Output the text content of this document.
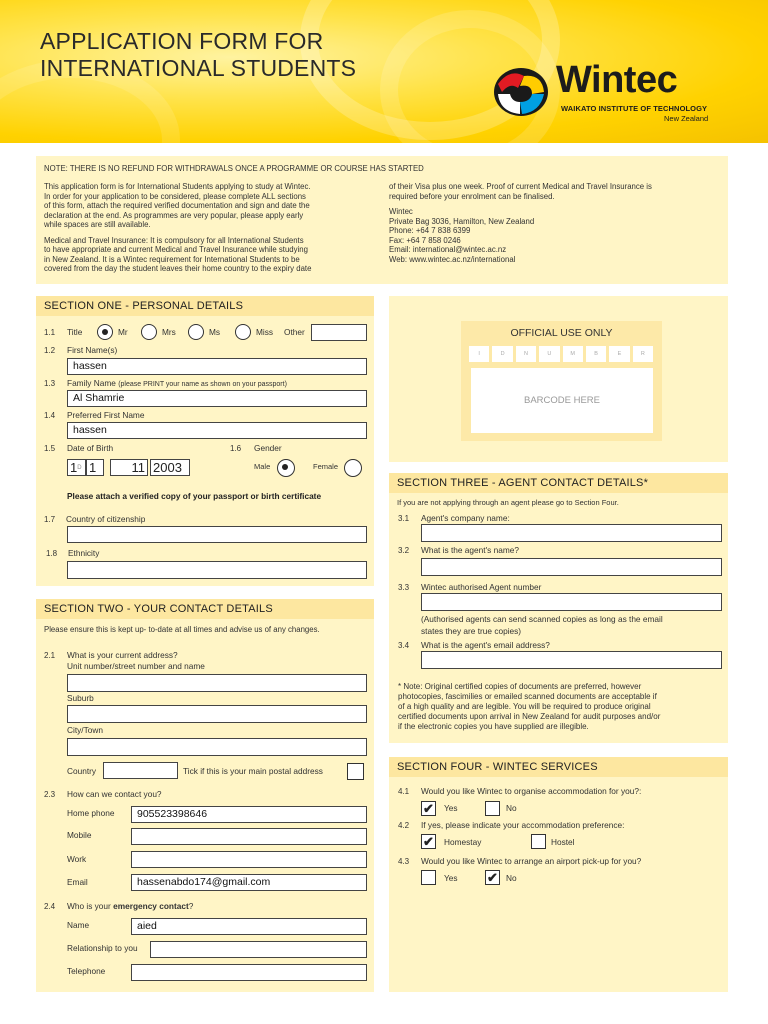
APPLICATION FORM FOR
INTERNATIONAL STUDENTS	Wintec
WAIKATO INSTITUTE OF TECHNOLOGY
New Zealand
NOTE: THERE IS NO REFUND FOR WITHDRAWALS ONCE A PROGRAMME OR COURSE HAS STARTED
This application form is for International Students applying to study at Wintec.
In order for your application to be considered, please complete ALL sections
of this form, attach the required verified documentation and sign and date the
declaration at the end. As programmes are very popular, please apply early
while spaces are still available.
Medical and Travel Insurance: It is compulsory for all International Students
to have appropriate and current Medical and Travel Insurance while studying
in New Zealand. It is a Wintec requirement for International Students to be
covered from the day the student leaves their home country to the expiry date
of their Visa plus one week. Proof of current Medical and Travel Insurance is
required before your enrolment can be finalised.
Wintec
Private Bag 3036, Hamilton, New Zealand
Phone: +64 7 838 6399
Fax: +64 7 858 0246
Email: international@wintec.ac.nz
Web: www.wintec.ac.nz/international
SECTION ONE - PERSONAL DETAILS
1.1 Title	Mr	Mrs	Ms	Miss Other
1.2 First Name(s)
hassen
1.3 Family Name (please PRINT your name as shown on your passport)
Al Shamrie
1.4 Preferred First Name
hassen
1.5 Date of Birth	1.6 Gender
1D 1	11 2003	Male	Female
Please attach a verified copy of your passport or birth certificate
1.7 Country of citizenship
1.8 Ethnicity
SECTION TWO - YOUR CONTACT DETAILS
Please ensure this is kept up- to-date at all times and advise us of any changes.
2.1 What is your current address?
Unit number/street number and name
Suburb
City/Town
Country	Tick if this is your main postal address
2.3 How can we contact you?
Home phone	905523398646
Mobile
Work
Email	hassenabdo174@gmail.com
2.4 Who is your emergency contact?
Name	aied
Relationship to you
Telephone
OFFICIAL USE ONLY
I	D	N	U	M	B	E	R
BARCODE HERE
SECTION THREE - AGENT CONTACT DETAILS*
If you are not applying through an agent please go to Section Four.
3.1 Agent's company name:
3.2 What is the agent's name?
3.3 Wintec authorised Agent number
(Authorised agents can send scanned copies as long as the email
states they are true copies)
3.4 What is the agent's email address?
* Note: Original certified copies of documents are preferred, however
photocopies, fascimilies or emailed scanned documents are acceptable if
of a high quality and are legible. You will be required to produce original
certified documents upon arrival in New Zealand for audit purposes and/or
if the electronic copies you have supplied are illegible.
SECTION FOUR - WINTEC SERVICES
4.1 Would you like Wintec to organise accommodation for you?:
✔ Yes	No
4.2 If yes, please indicate your accommodation preference:
✔ Homestay	Hostel
4.3 Would you like Wintec to arrange an airport pick-up for you?
Yes ✔ No
